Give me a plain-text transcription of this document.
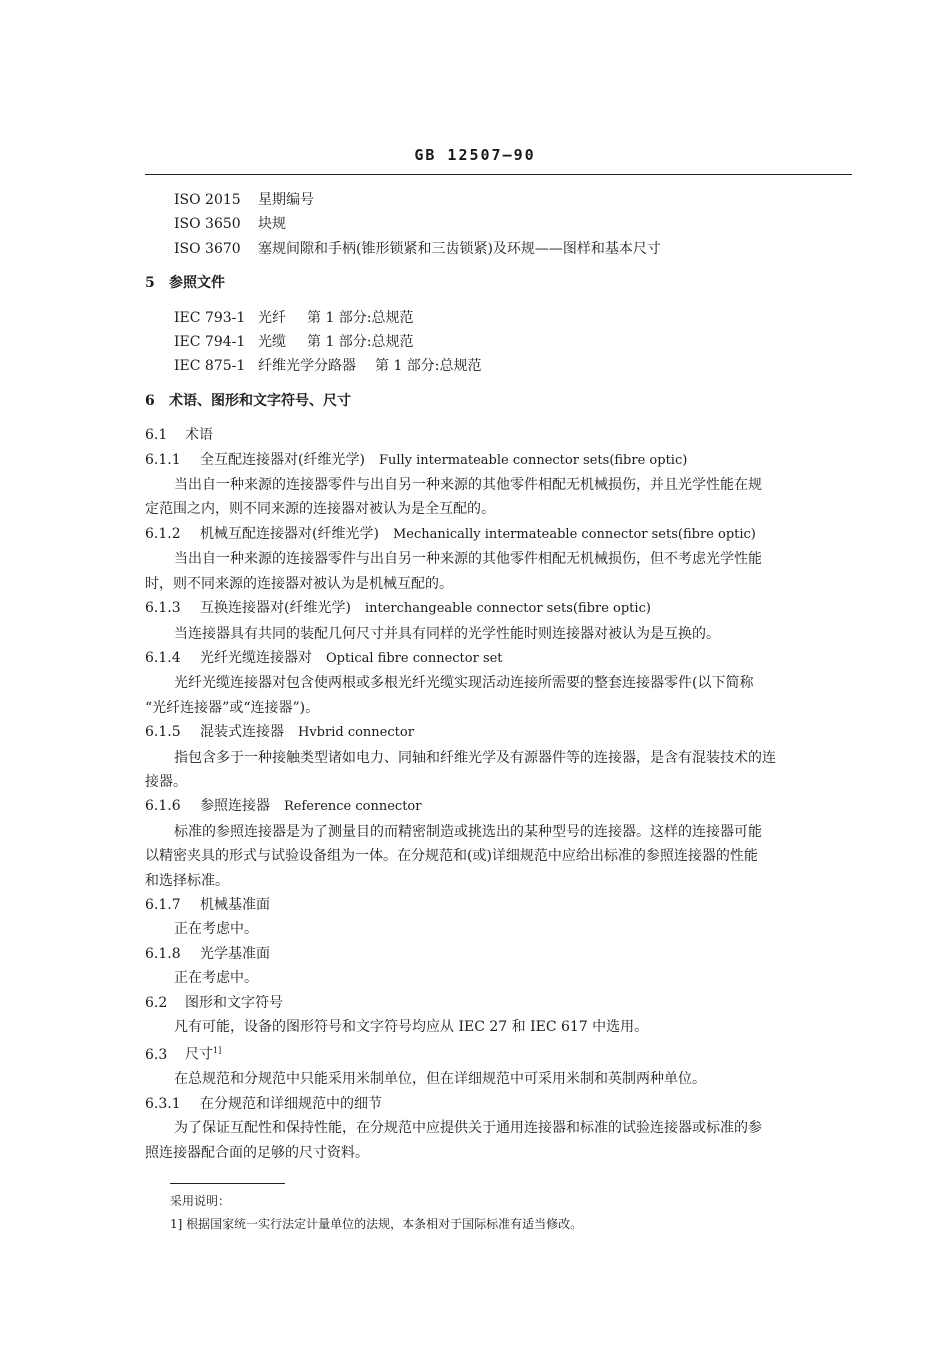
GB 12507—90
ISO 2015 星期编号
ISO 3650 块规
ISO 3670 塞规间隙和手柄(锥形锁紧和三齿锁紧)及环规——图样和基本尺寸
5 参照文件
IEC 793-1 光纤 第 1 部分:总规范
IEC 794-1 光缆 第 1 部分:总规范
IEC 875-1 纤维光学分路器 第 1 部分:总规范
6 术语、图形和文字符号、尺寸
6.1 术语
6.1.1 全互配连接器对(纤维光学) Fully intermateable connector sets(fibre optic)
当出自一种来源的连接器零件与出自另一种来源的其他零件相配无机械损伤，并且光学性能在规
定范围之内，则不同来源的连接器对被认为是全互配的。
6.1.2 机械互配连接器对(纤维光学) Mechanically intermateable connector sets(fibre optic)
当出自一种来源的连接器零件与出自另一种来源的其他零件相配无机械损伤，但不考虑光学性能
时，则不同来源的连接器对被认为是机械互配的。
6.1.3 互换连接器对(纤维光学) interchangeable connector sets(fibre optic)
当连接器具有共同的装配几何尺寸并具有同样的光学性能时则连接器对被认为是互换的。
6.1.4 光纤光缆连接器对 Optical fibre connector set
光纤光缆连接器对包含使两根或多根光纤光缆实现活动连接所需要的整套连接器零件(以下简称
“光纤连接器”或“连接器”)。
6.1.5 混装式连接器 Hvbrid connector
指包含多于一种接触类型诸如电力、同轴和纤维光学及有源器件等的连接器，是含有混装技术的连
接器。
6.1.6 参照连接器 Reference connector
标准的参照连接器是为了测量目的而精密制造或挑选出的某种型号的连接器。这样的连接器可能
以精密夹具的形式与试验设备组为一体。在分规范和(或)详细规范中应给出标准的参照连接器的性能
和选择标准。
6.1.7 机械基准面
正在考虑中。
6.1.8 光学基准面
正在考虑中。
6.2 图形和文字符号
凡有可能，设备的图形符号和文字符号均应从 IEC 27 和 IEC 617 中选用。
6.3 尺寸$^{1]}$
在总规范和分规范中只能采用米制单位，但在详细规范中可采用米制和英制两种单位。
6.3.1 在分规范和详细规范中的细节
为了保证互配性和保持性能，在分规范中应提供关于通用连接器和标准的试验连接器或标准的参
照连接器配合面的足够的尺寸资料。
采用说明：
1] 根据国家统一实行法定计量单位的法规，本条相对于国际标准有适当修改。
